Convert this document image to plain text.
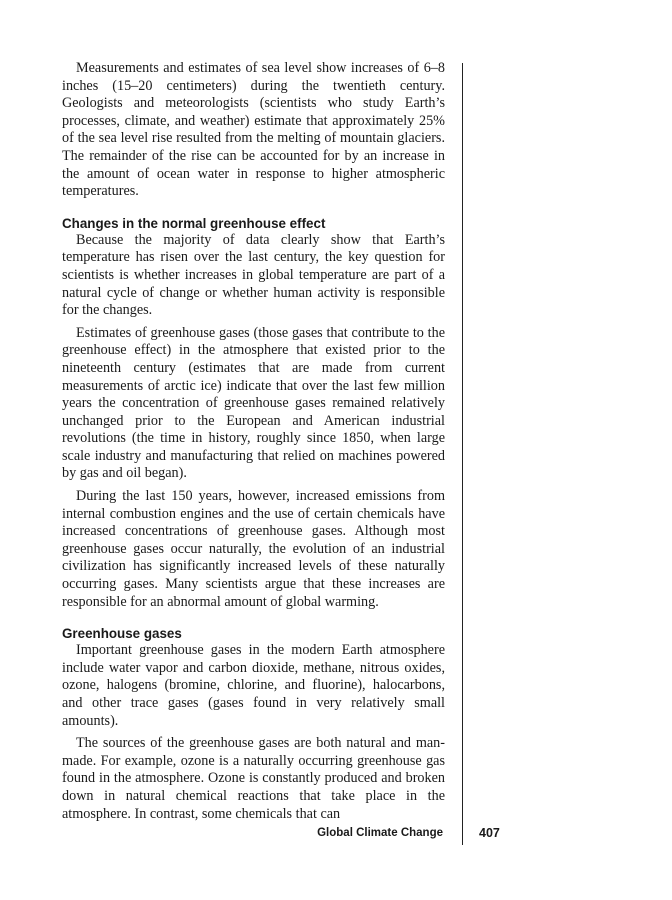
Measurements and estimates of sea level show increases of 6–8 inches (15–20 centimeters) during the twentieth century. Geologists and meteorologists (scientists who study Earth’s processes, climate, and weather) estimate that approximately 25% of the sea level rise resulted from the melting of mountain glaciers. The remainder of the rise can be accounted for by an increase in the amount of ocean water in response to higher atmospheric temperatures.

Changes in the normal greenhouse effect

Because the majority of data clearly show that Earth’s temperature has risen over the last century, the key question for scientists is whether increases in global temperature are part of a natural cycle of change or whether human activity is responsible for the changes.

Estimates of greenhouse gases (those gases that contribute to the greenhouse effect) in the atmosphere that existed prior to the nineteenth century (estimates that are made from current measurements of arctic ice) indicate that over the last few million years the concentration of greenhouse gases remained relatively unchanged prior to the European and American industrial revolutions (the time in history, roughly since 1850, when large scale industry and manufacturing that relied on machines powered by gas and oil began).

During the last 150 years, however, increased emissions from internal combustion engines and the use of certain chemicals have increased concentrations of greenhouse gases. Although most greenhouse gases occur naturally, the evolution of an industrial civilization has significantly increased levels of these naturally occurring gases. Many scientists argue that these increases are responsible for an abnormal amount of global warming.

Greenhouse gases

Important greenhouse gases in the modern Earth atmosphere include water vapor and carbon dioxide, methane, nitrous oxides, ozone, halogens (bromine, chlorine, and fluorine), halocarbons, and other trace gases (gases found in very relatively small amounts).

The sources of the greenhouse gases are both natural and man-made. For example, ozone is a naturally occurring greenhouse gas found in the atmosphere. Ozone is constantly produced and broken down in natural chemical reactions that take place in the atmosphere. In contrast, some chemicals that can

Global Climate Change	407
